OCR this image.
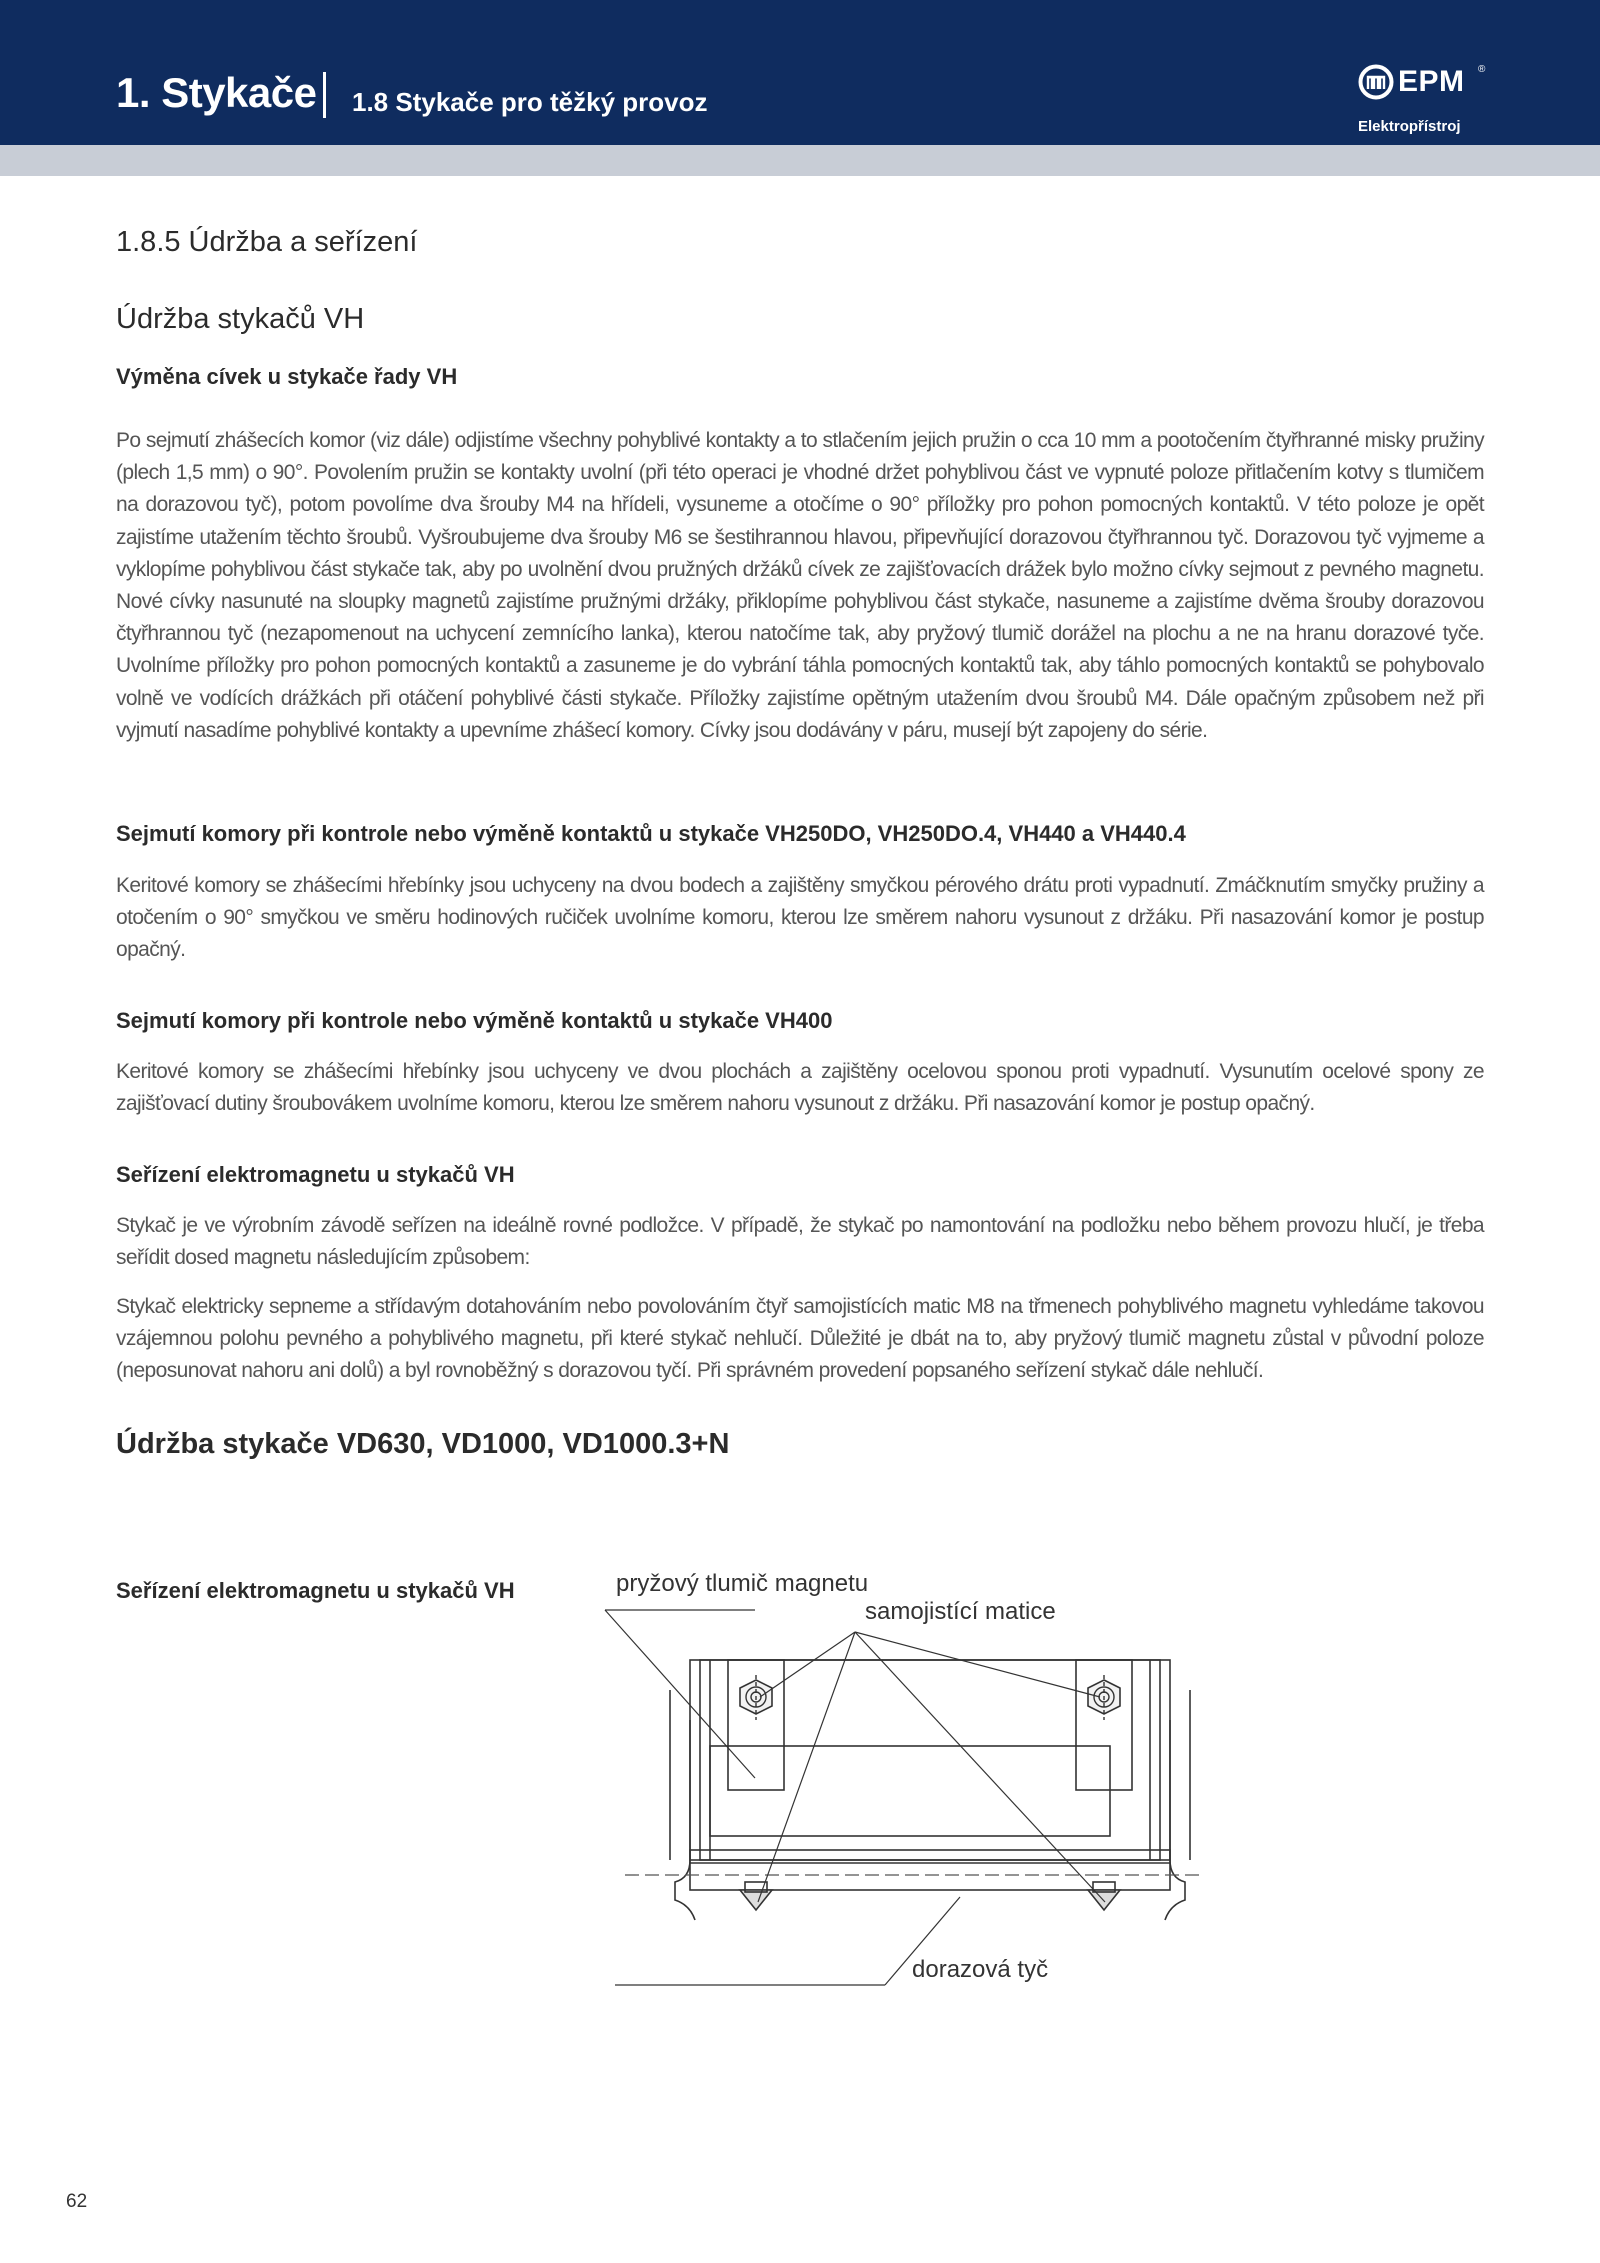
1. Stykače 1.8 Stykače pro těžký provoz
EPM ®
Elektropřístroj
1.8.5 Údržba a seřízení
Údržba stykačů VH
Výměna cívek u stykače řady VH

Po sejmutí zhášecích komor (viz dále) odjistíme všechny pohyblivé kontakty a to stlačením jejich pružin o cca 10 mm a pootočením čtyřhranné misky pružiny (plech 1,5 mm) o 90°. Povolením pružin se kontakty uvolní (při této operaci je vhodné držet pohyblivou část ve vypnuté poloze přitlačením kotvy s tlumičem na dorazovou tyč), potom povolíme dva šrouby M4 na hřídeli, vysuneme a otočíme o 90° příložky pro pohon pomocných kontaktů. V této poloze je opět zajistíme utažením těchto šroubů. Vyšroubujeme dva šrouby M6 se šestihrannou hlavou, připevňující dorazovou čtyřhrannou tyč. Dorazovou tyč vyjmeme a vyklopíme pohyblivou část stykače tak, aby po uvolnění dvou pružných držáků cívek ze zajišťovacích drážek bylo možno cívky sejmout z pevného magnetu. Nové cívky nasunuté na sloupky magnetů zajistíme pružnými držáky, přiklopíme pohyblivou část stykače, nasuneme a zajistíme dvěma šrouby dorazovou čtyřhrannou tyč (nezapomenout na uchycení zemnícího lanka), kterou natočíme tak, aby pryžový tlumič dorážel na plochu a ne na hranu dorazové tyče. Uvolníme příložky pro pohon pomocných kontaktů a zasuneme je do vybrání táhla pomocných kontaktů tak, aby táhlo pomocných kontaktů se pohybovalo volně ve vodících drážkách při otáčení pohyblivé části stykače. Příložky zajistíme opětným utažením dvou šroubů M4. Dále opačným způsobem než při vyjmutí nasadíme pohyblivé kontakty a upevníme zhášecí komory. Cívky jsou dodávány v páru, musejí být zapojeny do série.

Sejmutí komory při kontrole nebo výměně kontaktů u stykače VH250DO, VH250DO.4, VH440 a VH440.4

Keritové komory se zhášecími hřebínky jsou uchyceny na dvou bodech a zajištěny smyčkou pérového drátu proti vypadnutí. Zmáčknutím smyčky pružiny a otočením o 90° smyčkou ve směru hodinových ručiček uvolníme komoru, kterou lze směrem nahoru vysunout z držáku. Při nasazování komor je postup opačný.

Sejmutí komory při kontrole nebo výměně kontaktů u stykače VH400

Keritové komory se zhášecími hřebínky jsou uchyceny ve dvou plochách a zajištěny ocelovou sponou proti vypadnutí. Vysunutím ocelové spony ze zajišťovací dutiny šroubovákem uvolníme komoru, kterou lze směrem nahoru vysunout z držáku. Při nasazování komor je postup opačný.

Seřízení elektromagnetu u stykačů VH

Stykač je ve výrobním závodě seřízen na ideálně rovné podložce. V případě, že stykač po namontování na podložku nebo během provozu hlučí, je třeba seřídit dosed magnetu následujícím způsobem:

Stykač elektricky sepneme a střídavým dotahováním nebo povolováním čtyř samojistících matic M8 na třmenech pohyblivého magnetu vyhledáme takovou vzájemnou polohu pevného a pohyblivého magnetu, při které stykač nehlučí. Důležité je dbát na to, aby pryžový tlumič magnetu zůstal v původní poloze (neposunovat nahoru ani dolů) a byl rovnoběžný s dorazovou tyčí. Při správném provedení popsaného seřízení stykač dále nehlučí.

Údržba stykače VD630, VD1000, VD1000.3+N
Seřízení elektromagnetu u stykačů VH	pryžový tlumič magnetu
samojistící matice
dorazová tyč
62
